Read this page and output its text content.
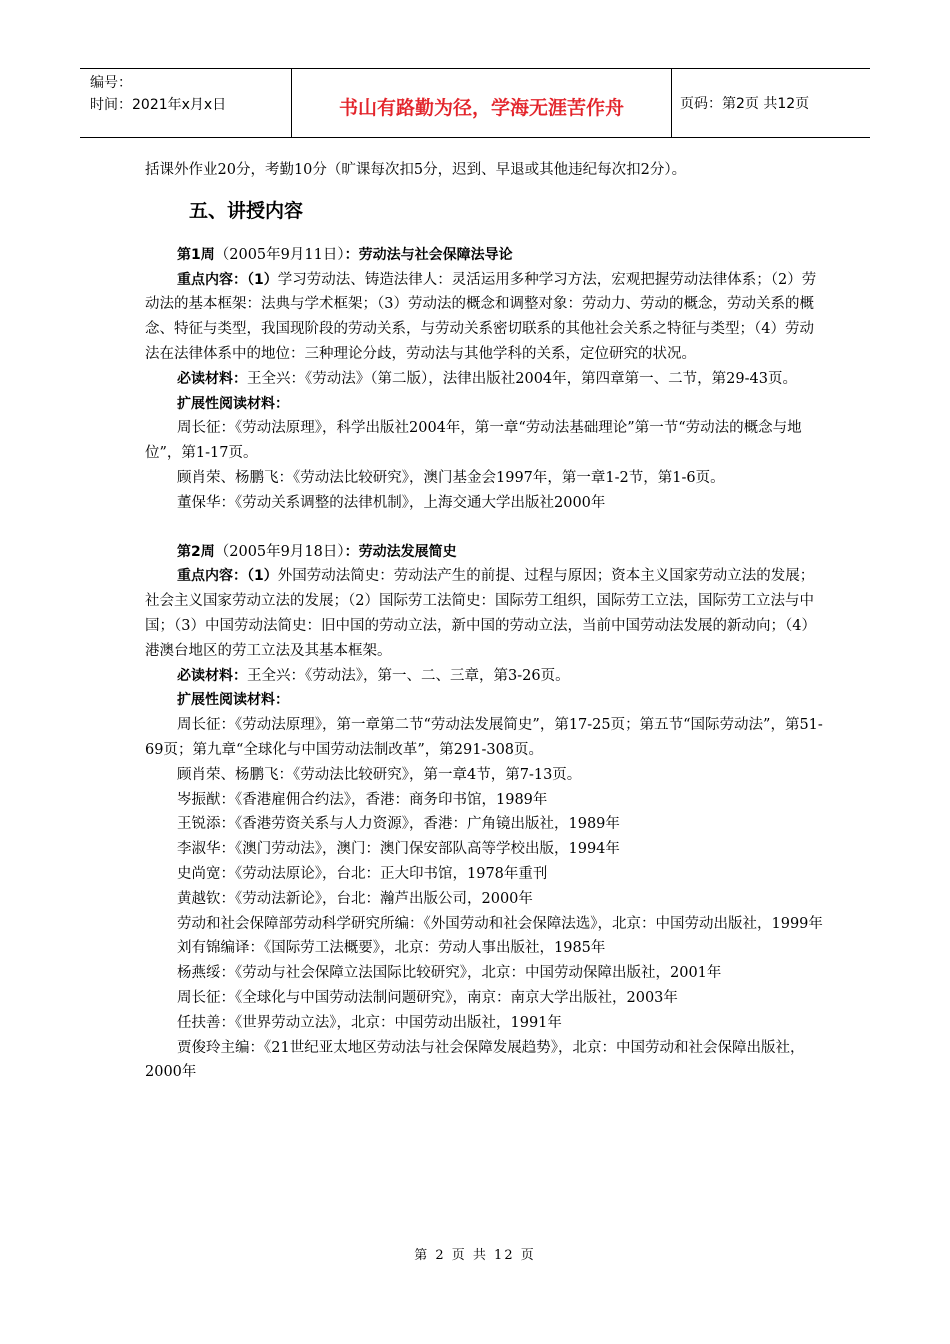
编号：
时间：2021年x月x日	书山有路勤为径，学海无涯苦作舟	页码：第2页 共12页

括课外作业20分，考勤10分（旷课每次扣5分，迟到、早退或其他违纪每次扣2分）。

五、讲授内容

第1周（2005年9月11日）：劳动法与社会保障法导论

重点内容：（1）学习劳动法、铸造法律人：灵活运用多种学习方法，宏观把握劳动法律体系；（2）劳动法的基本框架：法典与学术框架；（3）劳动法的概念和调整对象：劳动力、劳动的概念，劳动关系的概念、特征与类型，我国现阶段的劳动关系，与劳动关系密切联系的其他社会关系之特征与类型；（4）劳动法在法律体系中的地位：三种理论分歧，劳动法与其他学科的关系，定位研究的状况。

必读材料：王全兴：《劳动法》（第二版），法律出版社2004年，第四章第一、二节，第29-43页。

扩展性阅读材料：

周长征：《劳动法原理》，科学出版社2004年，第一章“劳动法基础理论”第一节“劳动法的概念与地位”，第1-17页。

顾肖荣、杨鹏飞：《劳动法比较研究》，澳门基金会1997年，第一章1-2节，第1-6页。

董保华：《劳动关系调整的法律机制》，上海交通大学出版社2000年

第2周（2005年9月18日）：劳动法发展简史

重点内容：（1）外国劳动法简史：劳动法产生的前提、过程与原因；资本主义国家劳动立法的发展；社会主义国家劳动立法的发展；（2）国际劳工法简史：国际劳工组织，国际劳工立法，国际劳工立法与中国；（3）中国劳动法简史：旧中国的劳动立法，新中国的劳动立法，当前中国劳动法发展的新动向；（4）港澳台地区的劳工立法及其基本框架。

必读材料：王全兴：《劳动法》，第一、二、三章，第3-26页。

扩展性阅读材料：

周长征：《劳动法原理》，第一章第二节“劳动法发展简史”，第17-25页；第五节“国际劳动法”，第51-69页；第九章“全球化与中国劳动法制改革”，第291-308页。

顾肖荣、杨鹏飞：《劳动法比较研究》，第一章4节，第7-13页。

岑振猷：《香港雇佣合约法》，香港：商务印书馆，1989年

王锐添：《香港劳资关系与人力资源》，香港：广角镜出版社，1989年

李淑华：《澳门劳动法》，澳门：澳门保安部队高等学校出版，1994年

史尚宽：《劳动法原论》，台北：正大印书馆，1978年重刊

黄越钦：《劳动法新论》，台北：瀚芦出版公司，2000年

劳动和社会保障部劳动科学研究所编：《外国劳动和社会保障法选》，北京：中国劳动出版社，1999年

刘有锦编译：《国际劳工法概要》，北京：劳动人事出版社，1985年

杨燕绥：《劳动与社会保障立法国际比较研究》，北京：中国劳动保障出版社，2001年

周长征：《全球化与中国劳动法制问题研究》，南京：南京大学出版社，2003年

任扶善：《世界劳动立法》，北京：中国劳动出版社，1991年

贾俊玲主编：《21世纪亚太地区劳动法与社会保障发展趋势》，北京：中国劳动和社会保障出版社，2000年

第 2 页 共 12 页
